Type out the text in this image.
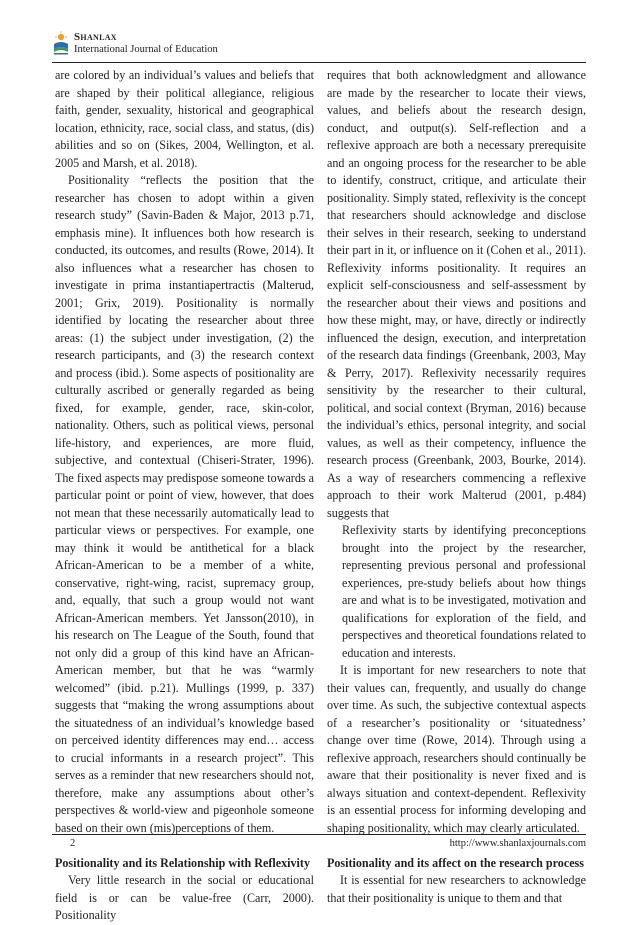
Shanlax
International Journal of Education

are colored by an individual’s values and beliefs that are shaped by their political allegiance, religious faith, gender, sexuality, historical and geographical location, ethnicity, race, social class, and status, (dis) abilities and so on (Sikes, 2004, Wellington, et al. 2005 and Marsh, et al. 2018).

Positionality “reflects the position that the researcher has chosen to adopt within a given research study” (Savin-Baden & Major, 2013 p.71, emphasis mine). It influences both how research is conducted, its outcomes, and results (Rowe, 2014). It also influences what a researcher has chosen to investigate in prima instantiapertractis (Malterud, 2001; Grix, 2019). Positionality is normally identified by locating the researcher about three areas: (1) the subject under investigation, (2) the research participants, and (3) the research context and process (ibid.). Some aspects of positionality are culturally ascribed or generally regarded as being fixed, for example, gender, race, skin-color, nationality. Others, such as political views, personal life-history, and experiences, are more fluid, subjective, and contextual (Chiseri-Strater, 1996). The fixed aspects may predispose someone towards a particular point or point of view, however, that does not mean that these necessarily automatically lead to particular views or perspectives. For example, one may think it would be antithetical for a black African-American to be a member of a white, conservative, right-wing, racist, supremacy group, and, equally, that such a group would not want African-American members. Yet Jansson(2010), in his research on The League of the South, found that not only did a group of this kind have an African-American member, but that he was “warmly welcomed” (ibid. p.21). Mullings (1999, p. 337) suggests that “making the wrong assumptions about the situatedness of an individual’s knowledge based on perceived identity differences may end… access to crucial informants in a research project”. This serves as a reminder that new researchers should not, therefore, make any assumptions about other’s perspectives & world-view and pigeonhole someone based on their own (mis)perceptions of them.

Positionality and its Relationship with Reflexivity

Very little research in the social or educational field is or can be value-free (Carr, 2000). Positionality

requires that both acknowledgment and allowance are made by the researcher to locate their views, values, and beliefs about the research design, conduct, and output(s). Self-reflection and a reflexive approach are both a necessary prerequisite and an ongoing process for the researcher to be able to identify, construct, critique, and articulate their positionality. Simply stated, reflexivity is the concept that researchers should acknowledge and disclose their selves in their research, seeking to understand their part in it, or influence on it (Cohen et al., 2011). Reflexivity informs positionality. It requires an explicit self-consciousness and self-assessment by the researcher about their views and positions and how these might, may, or have, directly or indirectly influenced the design, execution, and interpretation of the research data findings (Greenbank, 2003, May & Perry, 2017). Reflexivity necessarily requires sensitivity by the researcher to their cultural, political, and social context (Bryman, 2016) because the individual’s ethics, personal integrity, and social values, as well as their competency, influence the research process (Greenbank, 2003, Bourke, 2014). As a way of researchers commencing a reflexive approach to their work Malterud (2001, p.484) suggests that

Reflexivity starts by identifying preconceptions brought into the project by the researcher, representing previous personal and professional experiences, pre-study beliefs about how things are and what is to be investigated, motivation and qualifications for exploration of the field, and perspectives and theoretical foundations related to education and interests.

It is important for new researchers to note that their values can, frequently, and usually do change over time. As such, the subjective contextual aspects of a researcher’s positionality or ‘situatedness’ change over time (Rowe, 2014). Through using a reflexive approach, researchers should continually be aware that their positionality is never fixed and is always situation and context-dependent. Reflexivity is an essential process for informing developing and shaping positionality, which may clearly articulated.

Positionality and its affect on the research process

It is essential for new researchers to acknowledge that their positionality is unique to them and that

2	http://www.shanlaxjournals.com
